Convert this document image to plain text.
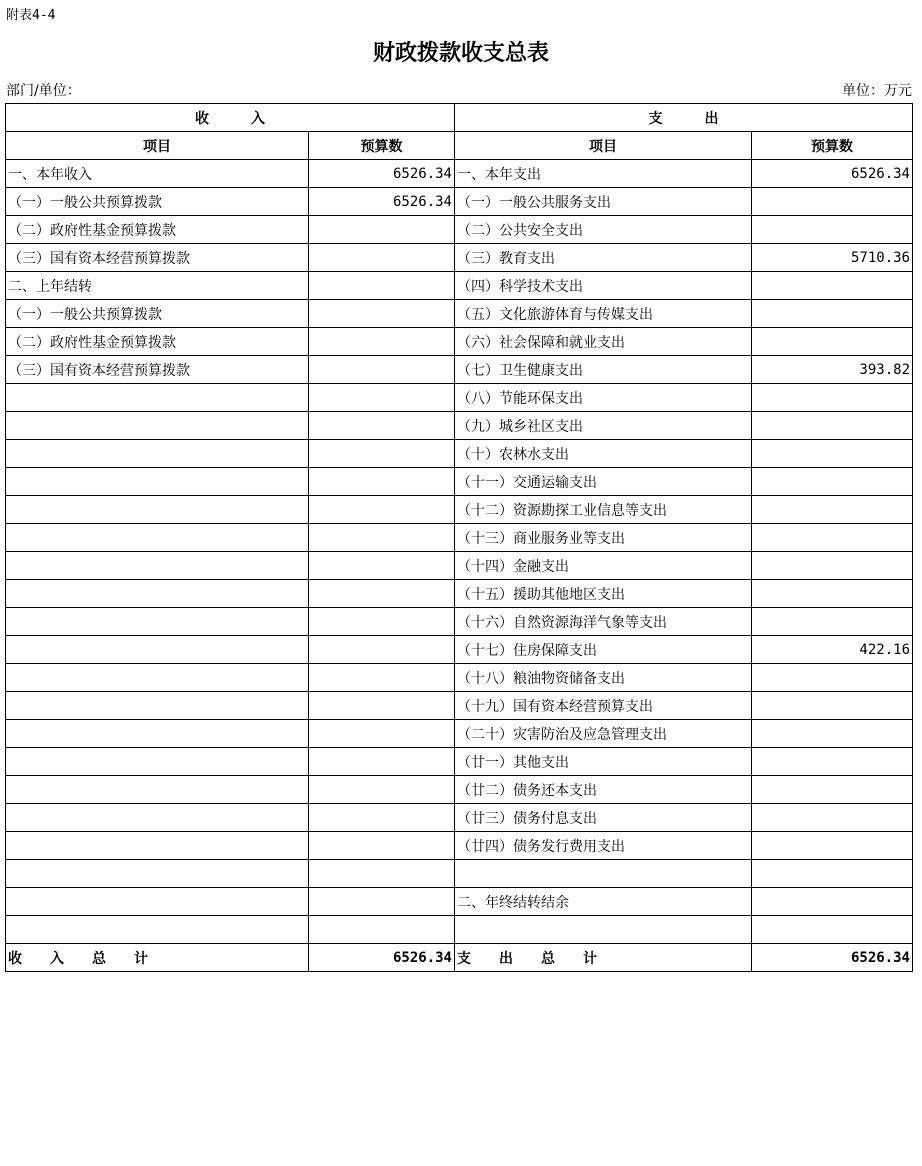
附表4-4
财政拨款收支总表
部门/单位：	单位：万元
收　　　入		支　　　出	
项目	预算数	项目	预算数
一、本年收入	6526.34	一、本年支出	6526.34
（一）一般公共预算拨款	6526.34	（一）一般公共服务支出	
（二）政府性基金预算拨款		（二）公共安全支出	
（三）国有资本经营预算拨款		（三）教育支出	5710.36
二、上年结转		（四）科学技术支出	
（一）一般公共预算拨款		（五）文化旅游体育与传媒支出	
（二）政府性基金预算拨款		（六）社会保障和就业支出	
（三）国有资本经营预算拨款		（七）卫生健康支出	393.82
		（八）节能环保支出	
		（九）城乡社区支出	
		（十）农林水支出	
		（十一）交通运输支出	
		（十二）资源勘探工业信息等支出	
		（十三）商业服务业等支出	
		（十四）金融支出	
		（十五）援助其他地区支出	
		（十六）自然资源海洋气象等支出	
		（十七）住房保障支出	422.16
		（十八）粮油物资储备支出	
		（十九）国有资本经营预算支出	
		（二十）灾害防治及应急管理支出	
		（廿一）其他支出	
		（廿二）债务还本支出	
		（廿三）债务付息支出	
		（廿四）债务发行费用支出	

		二、年终结转结余	

收　　入　　总　　计	6526.34	支　　出　　总　　计	6526.34
